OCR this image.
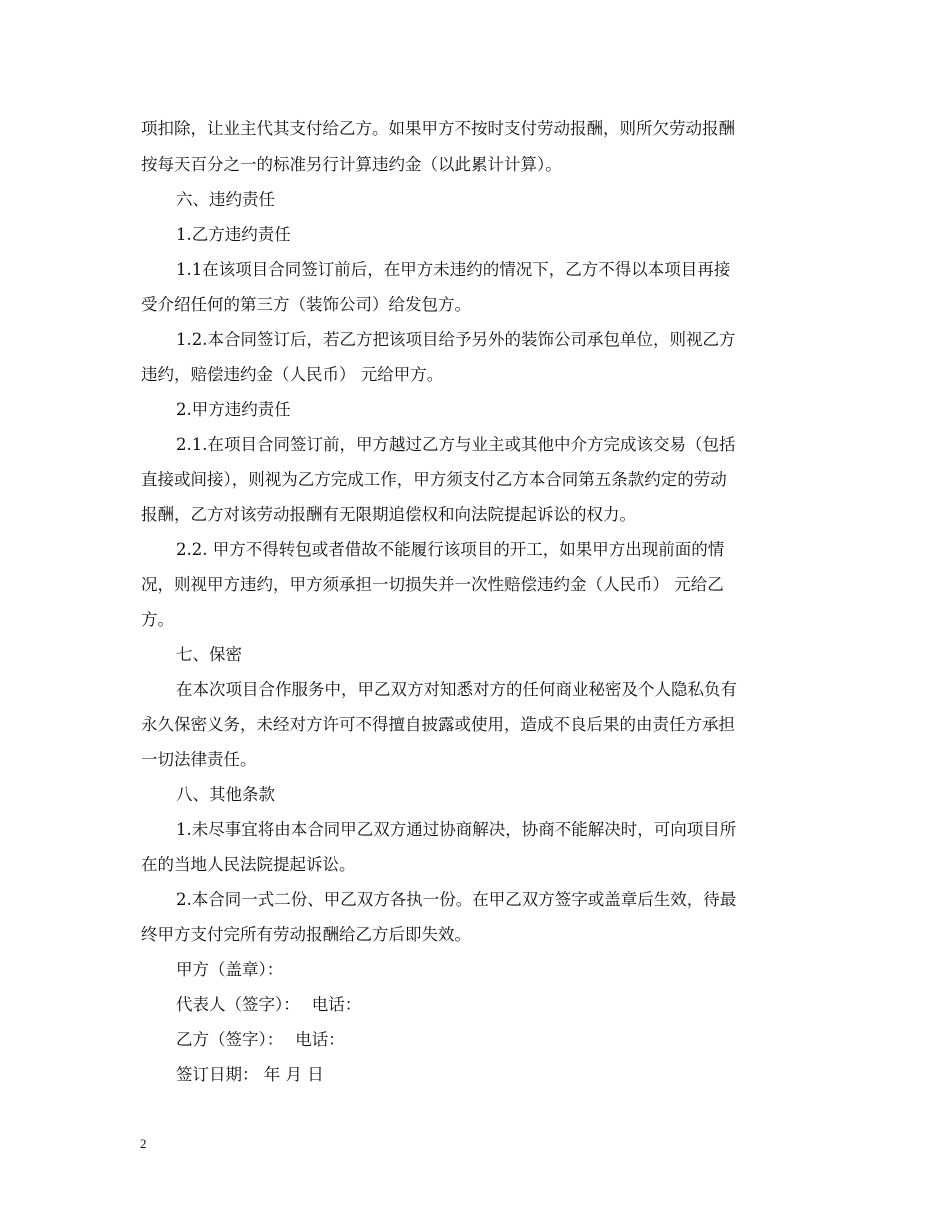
项扣除，让业主代其支付给乙方。如果甲方不按时支付劳动报酬，则所欠劳动报酬
按每天百分之一的标准另行计算违约金（以此累计计算）。
六、违约责任
1.乙方违约责任
1.1在该项目合同签订前后，在甲方未违约的情况下，乙方不得以本项目再接
受介绍任何的第三方（装饰公司）给发包方。
1.2.本合同签订后，若乙方把该项目给予另外的装饰公司承包单位，则视乙方
违约，赔偿违约金（人民币） 元给甲方。
2.甲方违约责任
2.1.在项目合同签订前，甲方越过乙方与业主或其他中介方完成该交易（包括
直接或间接），则视为乙方完成工作，甲方须支付乙方本合同第五条款约定的劳动
报酬，乙方对该劳动报酬有无限期追偿权和向法院提起诉讼的权力。
2.2. 甲方不得转包或者借故不能履行该项目的开工，如果甲方出现前面的情
况，则视甲方违约，甲方须承担一切损失并一次性赔偿违约金（人民币） 元给乙
方。
七、保密
在本次项目合作服务中，甲乙双方对知悉对方的任何商业秘密及个人隐私负有
永久保密义务，未经对方许可不得擅自披露或使用，造成不良后果的由责任方承担
一切法律责任。
八、其他条款
1.未尽事宜将由本合同甲乙双方通过协商解决，协商不能解决时，可向项目所
在的当地人民法院提起诉讼。
2.本合同一式二份、甲乙双方各执一份。在甲乙双方签字或盖章后生效，待最
终甲方支付完所有劳动报酬给乙方后即失效。
甲方（盖章）：
代表人（签字）： 电话：
乙方（签字）： 电话：
签订日期： 年 月 日
2
